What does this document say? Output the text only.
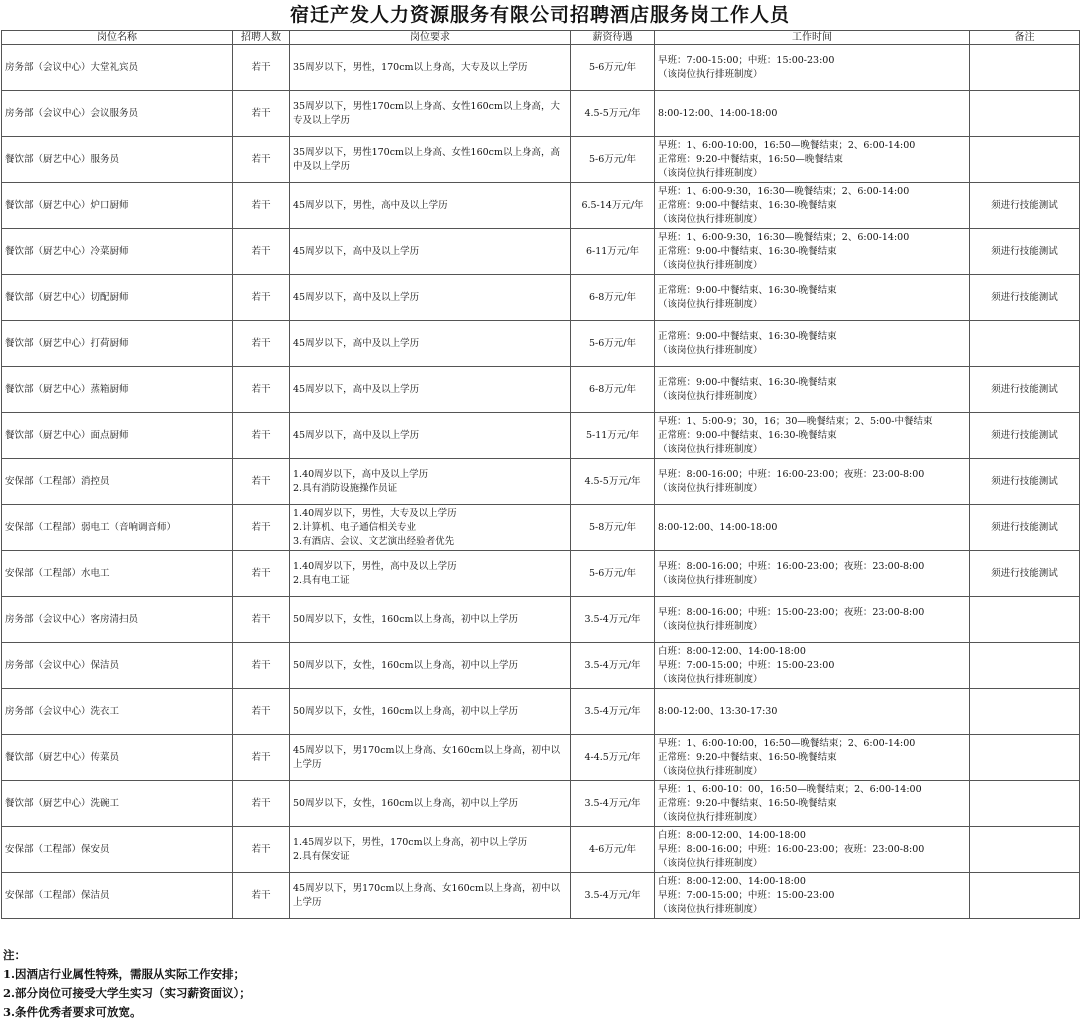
宿迁产发人力资源服务有限公司招聘酒店服务岗工作人员
岗位名称	招聘人数	岗位要求	薪资待遇	工作时间	备注
房务部（会议中心）大堂礼宾员	若干	35周岁以下，男性，170cm以上身高，大专及以上学历	5-6万元/年	早班：7:00-15:00；中班：15:00-23:00
（该岗位执行排班制度）	
房务部（会议中心）会议服务员	若干	35周岁以下，男性170cm以上身高、女性160cm以上身高，大专及以上学历	4.5-5万元/年	8:00-12:00、14:00-18:00	
餐饮部（厨艺中心）服务员	若干	35周岁以下，男性170cm以上身高、女性160cm以上身高，高中及以上学历	5-6万元/年	早班：1、6:00-10:00，16:50—晚餐结束；2、6:00-14:00
正常班：9:20-中餐结束，16:50—晚餐结束
（该岗位执行排班制度）	
餐饮部（厨艺中心）炉口厨师	若干	45周岁以下，男性，高中及以上学历	6.5-14万元/年	早班：1、6:00-9:30，16:30—晚餐结束；2、6:00-14:00
正常班：9:00-中餐结束、16:30-晚餐结束
（该岗位执行排班制度）	须进行技能测试
餐饮部（厨艺中心）冷菜厨师	若干	45周岁以下，高中及以上学历	6-11万元/年	早班：1、6:00-9:30，16:30—晚餐结束；2、6:00-14:00
正常班：9:00-中餐结束、16:30-晚餐结束
（该岗位执行排班制度）	须进行技能测试
餐饮部（厨艺中心）切配厨师	若干	45周岁以下，高中及以上学历	6-8万元/年	正常班：9:00-中餐结束、16:30-晚餐结束
（该岗位执行排班制度）	须进行技能测试
餐饮部（厨艺中心）打荷厨师	若干	45周岁以下，高中及以上学历	5-6万元/年	正常班：9:00-中餐结束、16:30-晚餐结束
（该岗位执行排班制度）	
餐饮部（厨艺中心）蒸箱厨师	若干	45周岁以下，高中及以上学历	6-8万元/年	正常班：9:00-中餐结束、16:30-晚餐结束
（该岗位执行排班制度）	须进行技能测试
餐饮部（厨艺中心）面点厨师	若干	45周岁以下，高中及以上学历	5-11万元/年	早班：1、5:00-9；30，16；30—晚餐结束；2、5:00-中餐结束
正常班：9:00-中餐结束、16:30-晚餐结束
（该岗位执行排班制度）	须进行技能测试
安保部（工程部）消控员	若干	1.40周岁以下，高中及以上学历
2.具有消防设施操作员证	4.5-5万元/年	早班：8:00-16:00；中班：16:00-23:00；夜班：23:00-8:00
（该岗位执行排班制度）	须进行技能测试
安保部（工程部）弱电工（音响调音师）	若干	1.40周岁以下，男性，大专及以上学历
2.计算机、电子通信相关专业
3.有酒店、会议、文艺演出经验者优先	5-8万元/年	8:00-12:00、14:00-18:00	须进行技能测试
安保部（工程部）水电工	若干	1.40周岁以下，男性，高中及以上学历
2.具有电工证	5-6万元/年	早班：8:00-16:00；中班：16:00-23:00；夜班：23:00-8:00
（该岗位执行排班制度）	须进行技能测试
房务部（会议中心）客房清扫员	若干	50周岁以下，女性，160cm以上身高，初中以上学历	3.5-4万元/年	早班：8:00-16:00；中班：15:00-23:00；夜班：23:00-8:00
（该岗位执行排班制度）	
房务部（会议中心）保洁员	若干	50周岁以下，女性，160cm以上身高，初中以上学历	3.5-4万元/年	白班：8:00-12:00、14:00-18:00
早班：7:00-15:00；中班：15:00-23:00
（该岗位执行排班制度）	
房务部（会议中心）洗衣工	若干	50周岁以下，女性，160cm以上身高，初中以上学历	3.5-4万元/年	8:00-12:00、13:30-17:30	
餐饮部（厨艺中心）传菜员	若干	45周岁以下，男170cm以上身高、女160cm以上身高，初中以上学历	4-4.5万元/年	早班：1、6:00-10:00，16:50—晚餐结束；2、6:00-14:00
正常班：9:20-中餐结束、16:50-晚餐结束
（该岗位执行排班制度）	
餐饮部（厨艺中心）洗碗工	若干	50周岁以下，女性，160cm以上身高，初中以上学历	3.5-4万元/年	早班：1、6:00-10：00，16:50—晚餐结束；2、6:00-14:00
正常班：9:20-中餐结束、16:50-晚餐结束
（该岗位执行排班制度）	
安保部（工程部）保安员	若干	1.45周岁以下，男性，170cm以上身高，初中以上学历
2.具有保安证	4-6万元/年	白班：8:00-12:00、14:00-18:00
早班：8:00-16:00；中班：16:00-23:00；夜班：23:00-8:00
（该岗位执行排班制度）	
安保部（工程部）保洁员	若干	45周岁以下，男170cm以上身高、女160cm以上身高，初中以上学历	3.5-4万元/年	白班：8:00-12:00、14:00-18:00
早班：7:00-15:00；中班：15:00-23:00
（该岗位执行排班制度）	
注：
1.因酒店行业属性特殊，需服从实际工作安排；
2.部分岗位可接受大学生实习（实习薪资面议）；
3.条件优秀者要求可放宽。
